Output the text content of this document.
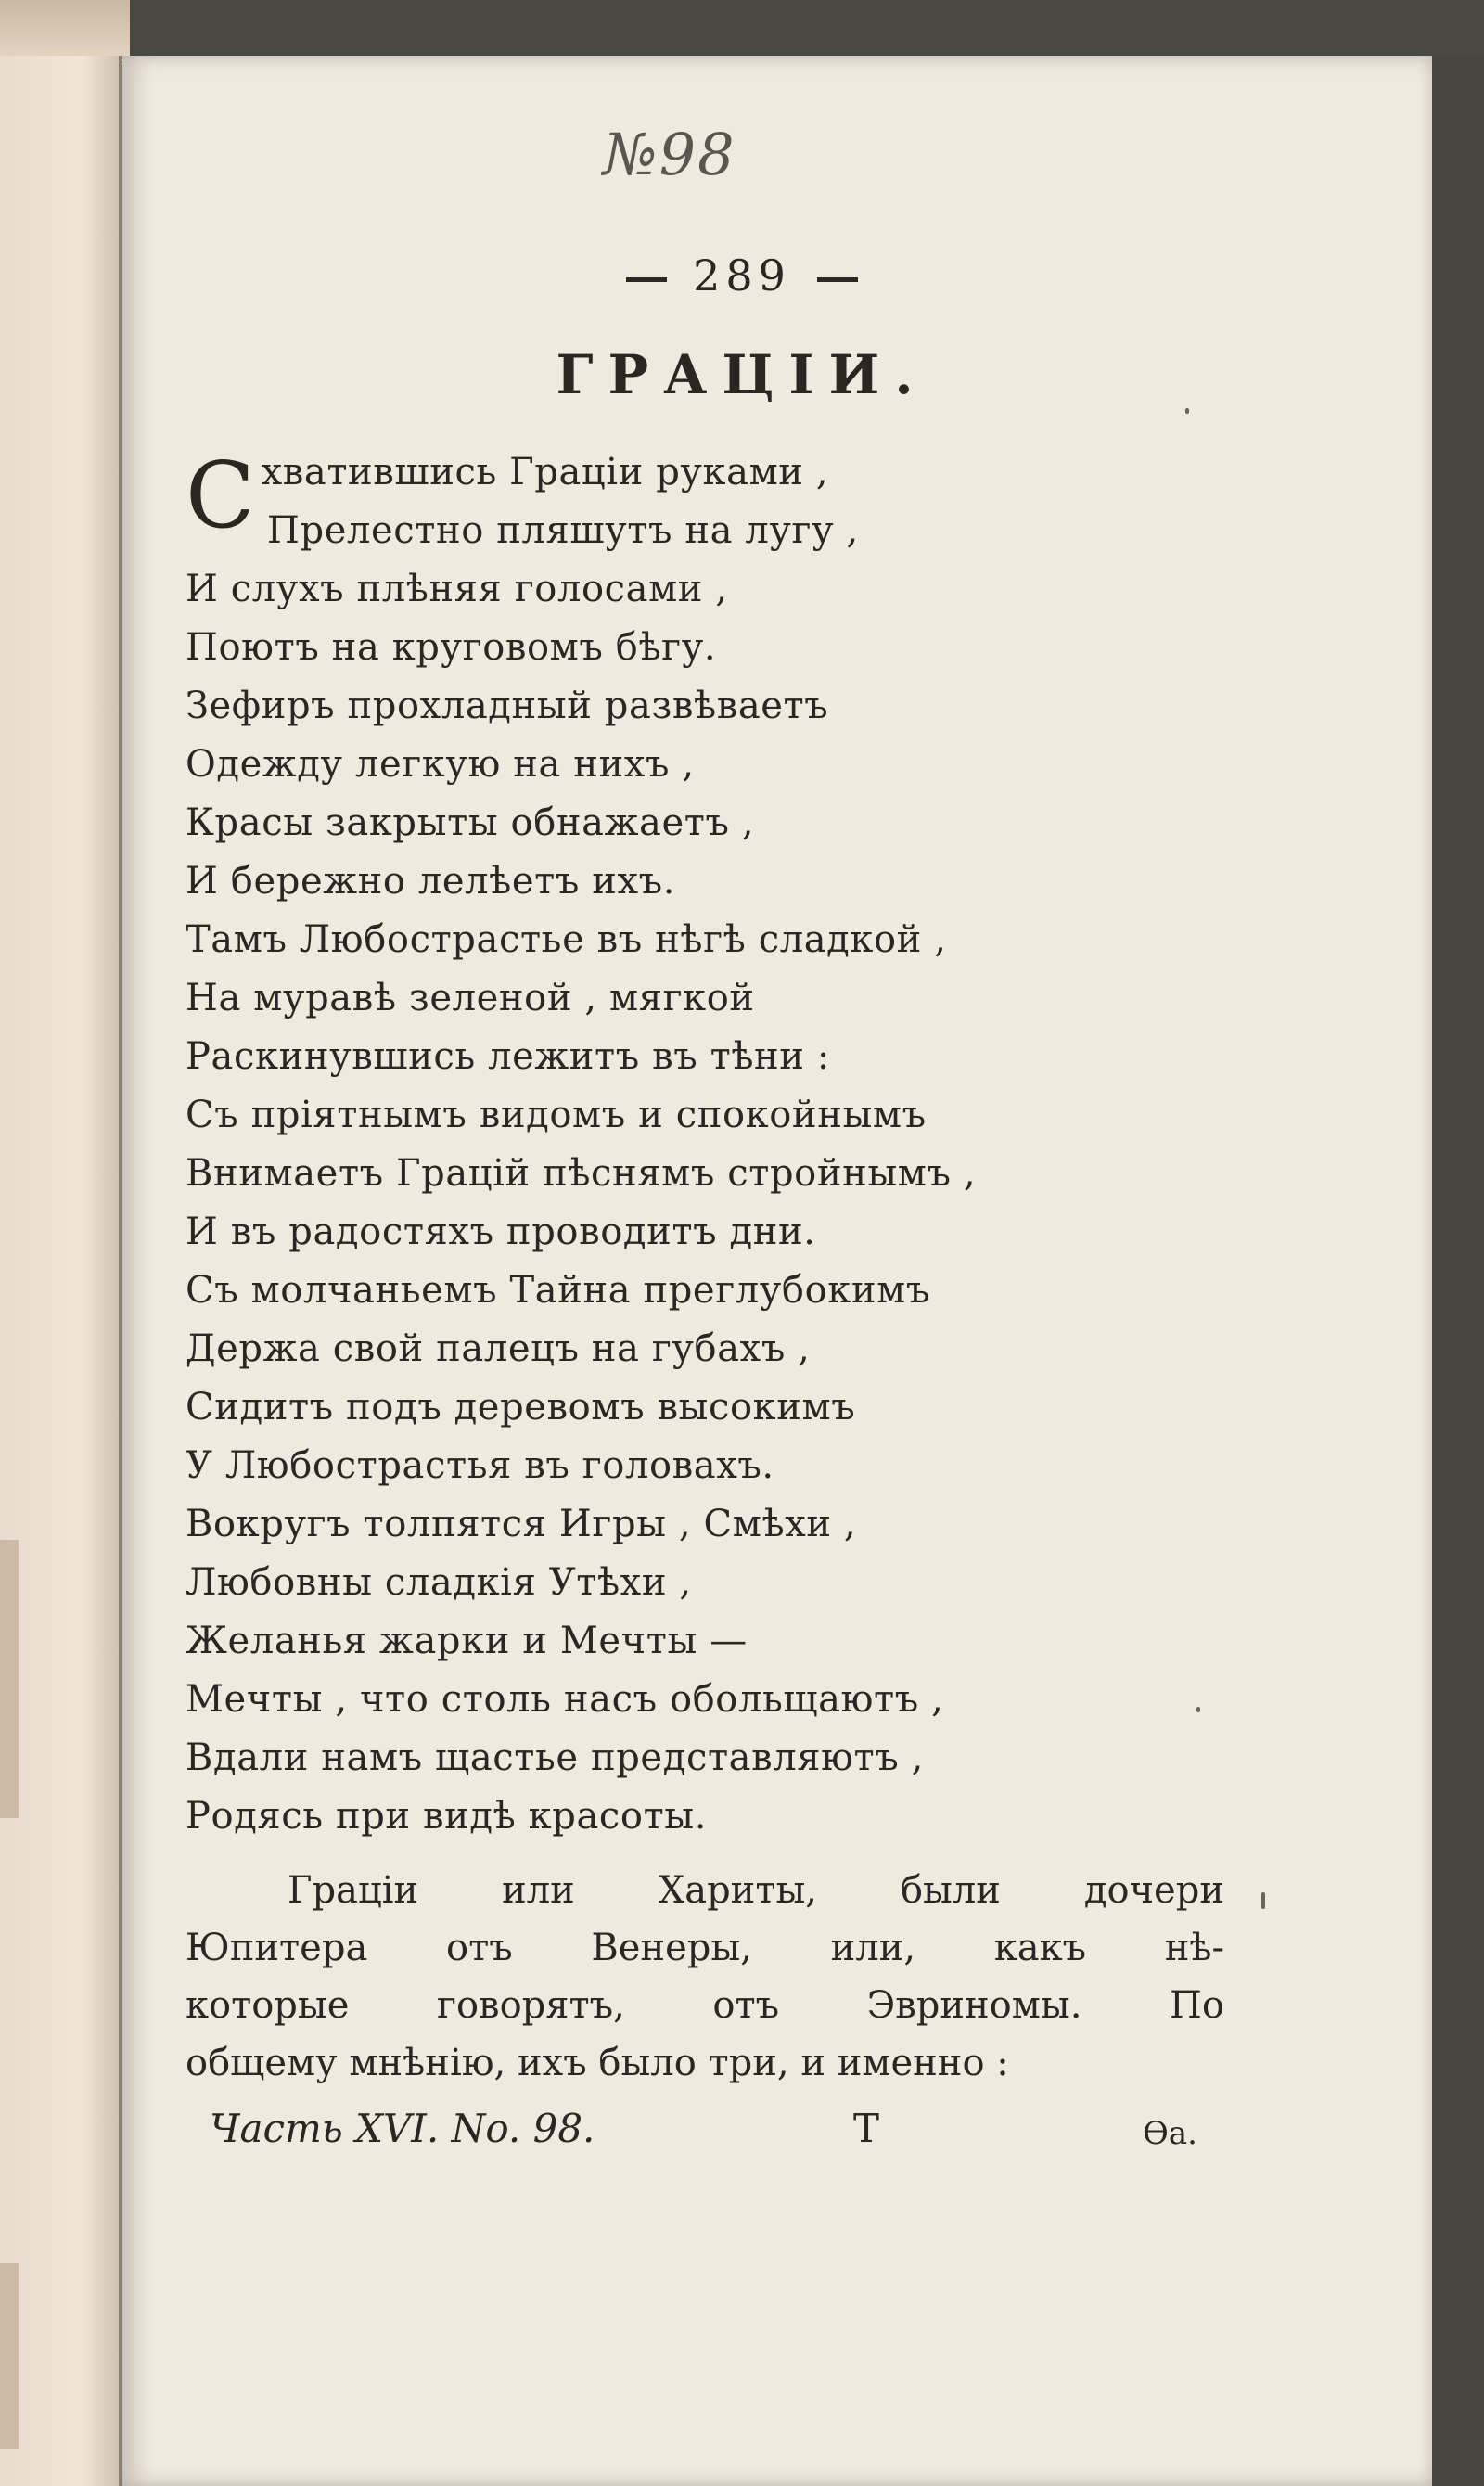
№98
289
ГРАЦІИ.
Схватившись Граціи руками ,
Прелестно пляшутъ на лугу ,
И слухъ плѣняя голосами ,
Поютъ на круговомъ бѣгу.
Зефиръ прохладный развѣваетъ
Одежду легкую на нихъ ,
Красы закрыты обнажаетъ ,
И бережно лелѣетъ ихъ.
Тамъ Любострастье въ нѣгѣ сладкой ,
На муравѣ зеленой , мягкой
Раскинувшись лежитъ въ тѣни :
Съ пріятнымъ видомъ и спокойнымъ
Внимаетъ Грацій пѣснямъ стройнымъ ,
И въ радостяхъ проводитъ дни.
Съ молчаньемъ Тайна преглубокимъ
Держа свой палецъ на губахъ ,
Сидитъ подъ деревомъ высокимъ
У Любострастья въ головахъ.
Вокругъ толпятся Игры , Смѣхи ,
Любовны сладкія Утѣхи ,
Желанья жарки и Мечты —
Мечты , что столь насъ обольщаютъ ,
Вдали намъ щастье представляютъ ,
Родясь при видѣ красоты.
Граціи или Хариты, были дочери
Юпитера отъ Венеры, или, какъ нѣ-
которые говорятъ, отъ Эвриномы. По
общему мнѣнію, ихъ было три, и именно :
Часть XVI. No. 98.	Т	Ѳа.
